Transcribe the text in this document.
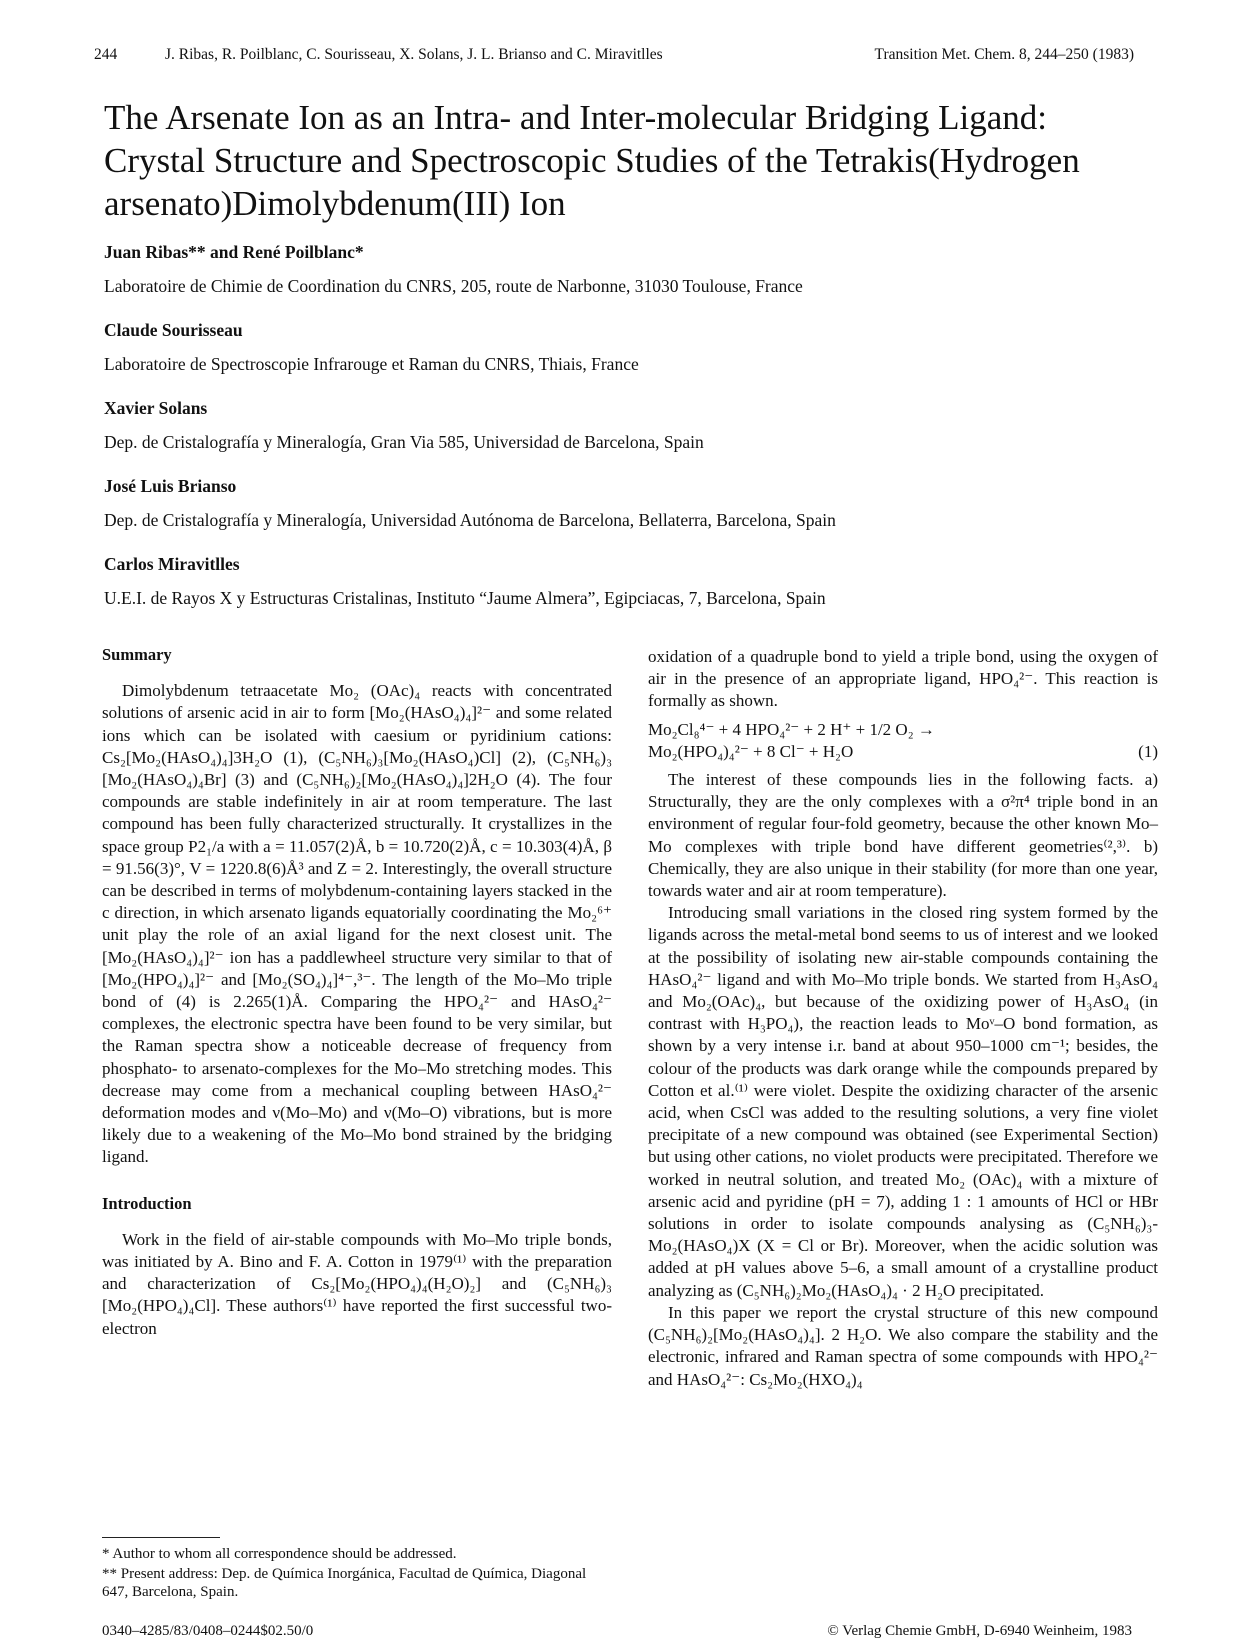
244	J. Ribas, R. Poilblanc, C. Sourisseau, X. Solans, J. L. Brianso and C. Miravitlles	Transition Met. Chem. 8, 244–250 (1983)
The Arsenate Ion as an Intra- and Inter-molecular Bridging Ligand: Crystal Structure and Spectroscopic Studies of the Tetrakis(Hydrogen arsenato)Dimolybdenum(III) Ion
Juan Ribas** and René Poilblanc*
Laboratoire de Chimie de Coordination du CNRS, 205, route de Narbonne, 31030 Toulouse, France
Claude Sourisseau
Laboratoire de Spectroscopie Infrarouge et Raman du CNRS, Thiais, France
Xavier Solans
Dep. de Cristalografía y Mineralogía, Gran Via 585, Universidad de Barcelona, Spain
José Luis Brianso
Dep. de Cristalografía y Mineralogía, Universidad Autónoma de Barcelona, Bellaterra, Barcelona, Spain
Carlos Miravitlles
U.E.I. de Rayos X y Estructuras Cristalinas, Instituto “Jaume Almera”, Egipciacas, 7, Barcelona, Spain
Summary

Dimolybdenum tetraacetate Mo₂ (OAc)₄ reacts with concentrated solutions of arsenic acid in air to form [Mo₂(HAsO₄)₄]²⁻ and some related ions which can be isolated with caesium or pyridinium cations: Cs₂[Mo₂(HAsO₄)₄]3H₂O (1), (C₅NH₆)₃[Mo₂(HAsO₄)Cl] (2), (C₅NH₆)₃ [Mo₂(HAsO₄)₄Br] (3) and (C₅NH₆)₂[Mo₂(HAsO₄)₄]2H₂O (4). The four compounds are stable indefinitely in air at room temperature. The last compound has been fully characterized structurally. It crystallizes in the space group P2₁/a with a = 11.057(2)Å, b = 10.720(2)Å, c = 10.303(4)Å, β = 91.56(3)°, V = 1220.8(6)Å³ and Z = 2. Interestingly, the overall structure can be described in terms of molybdenum-containing layers stacked in the c direction, in which arsenato ligands equatorially coordinating the Mo₂⁶⁺ unit play the role of an axial ligand for the next closest unit. The [Mo₂(HAsO₄)₄]²⁻ ion has a paddlewheel structure very similar to that of [Mo₂(HPO₄)₄]²⁻ and [Mo₂(SO₄)₄]⁴⁻,³⁻. The length of the Mo–Mo triple bond of (4) is 2.265(1)Å. Comparing the HPO₄²⁻ and HAsO₄²⁻ complexes, the electronic spectra have been found to be very similar, but the Raman spectra show a noticeable decrease of frequency from phosphato- to arsenato-complexes for the Mo–Mo stretching modes. This decrease may come from a mechanical coupling between HAsO₄²⁻ deformation modes and ν(Mo–Mo) and ν(Mo–O) vibrations, but is more likely due to a weakening of the Mo–Mo bond strained by the bridging ligand.

Introduction

Work in the field of air-stable compounds with Mo–Mo triple bonds, was initiated by A. Bino and F. A. Cotton in 1979⁽¹⁾ with the preparation and characterization of Cs₂[Mo₂(HPO₄)₄(H₂O)₂] and (C₅NH₆)₃ [Mo₂(HPO₄)₄Cl]. These authors⁽¹⁾ have reported the first successful two-electron

oxidation of a quadruple bond to yield a triple bond, using the oxygen of air in the presence of an appropriate ligand, HPO₄²⁻. This reaction is formally as shown.

Mo₂Cl₈⁴⁻ + 4 HPO₄²⁻ + 2 H⁺ + 1/2 O₂ →
Mo₂(HPO₄)₄²⁻ + 8 Cl⁻ + H₂O	(1)

The interest of these compounds lies in the following facts. a) Structurally, they are the only complexes with a σ²π⁴ triple bond in an environment of regular four-fold geometry, because the other known Mo–Mo complexes with triple bond have different geometries⁽²,³⁾. b) Chemically, they are also unique in their stability (for more than one year, towards water and air at room temperature).

Introducing small variations in the closed ring system formed by the ligands across the metal-metal bond seems to us of interest and we looked at the possibility of isolating new air-stable compounds containing the HAsO₄²⁻ ligand and with Mo–Mo triple bonds. We started from H₃AsO₄ and Mo₂(OAc)₄, but because of the oxidizing power of H₃AsO₄ (in contrast with H₃PO₄), the reaction leads to Moᵛ–O bond formation, as shown by a very intense i.r. band at about 950–1000 cm⁻¹; besides, the colour of the products was dark orange while the compounds prepared by Cotton et al.⁽¹⁾ were violet. Despite the oxidizing character of the arsenic acid, when CsCl was added to the resulting solutions, a very fine violet precipitate of a new compound was obtained (see Experimental Section) but using other cations, no violet products were precipitated. Therefore we worked in neutral solution, and treated Mo₂ (OAc)₄ with a mixture of arsenic acid and pyridine (pH = 7), adding 1 : 1 amounts of HCl or HBr solutions in order to isolate compounds analysing as (C₅NH₆)₃-Mo₂(HAsO₄)X (X = Cl or Br). Moreover, when the acidic solution was added at pH values above 5–6, a small amount of a crystalline product analyzing as (C₅NH₆)₂Mo₂(HAsO₄)₄ · 2 H₂O precipitated.

In this paper we report the crystal structure of this new compound (C₅NH₆)₂[Mo₂(HAsO₄)₄]. 2 H₂O. We also compare the stability and the electronic, infrared and Raman spectra of some compounds with HPO₄²⁻ and HAsO₄²⁻: Cs₂Mo₂(HXO₄)₄

* Author to whom all correspondence should be addressed.
** Present address: Dep. de Química Inorgánica, Facultad de Química, Diagonal 647, Barcelona, Spain.
0340–4285/83/0408–0244$02.50/0	© Verlag Chemie GmbH, D-6940 Weinheim, 1983
